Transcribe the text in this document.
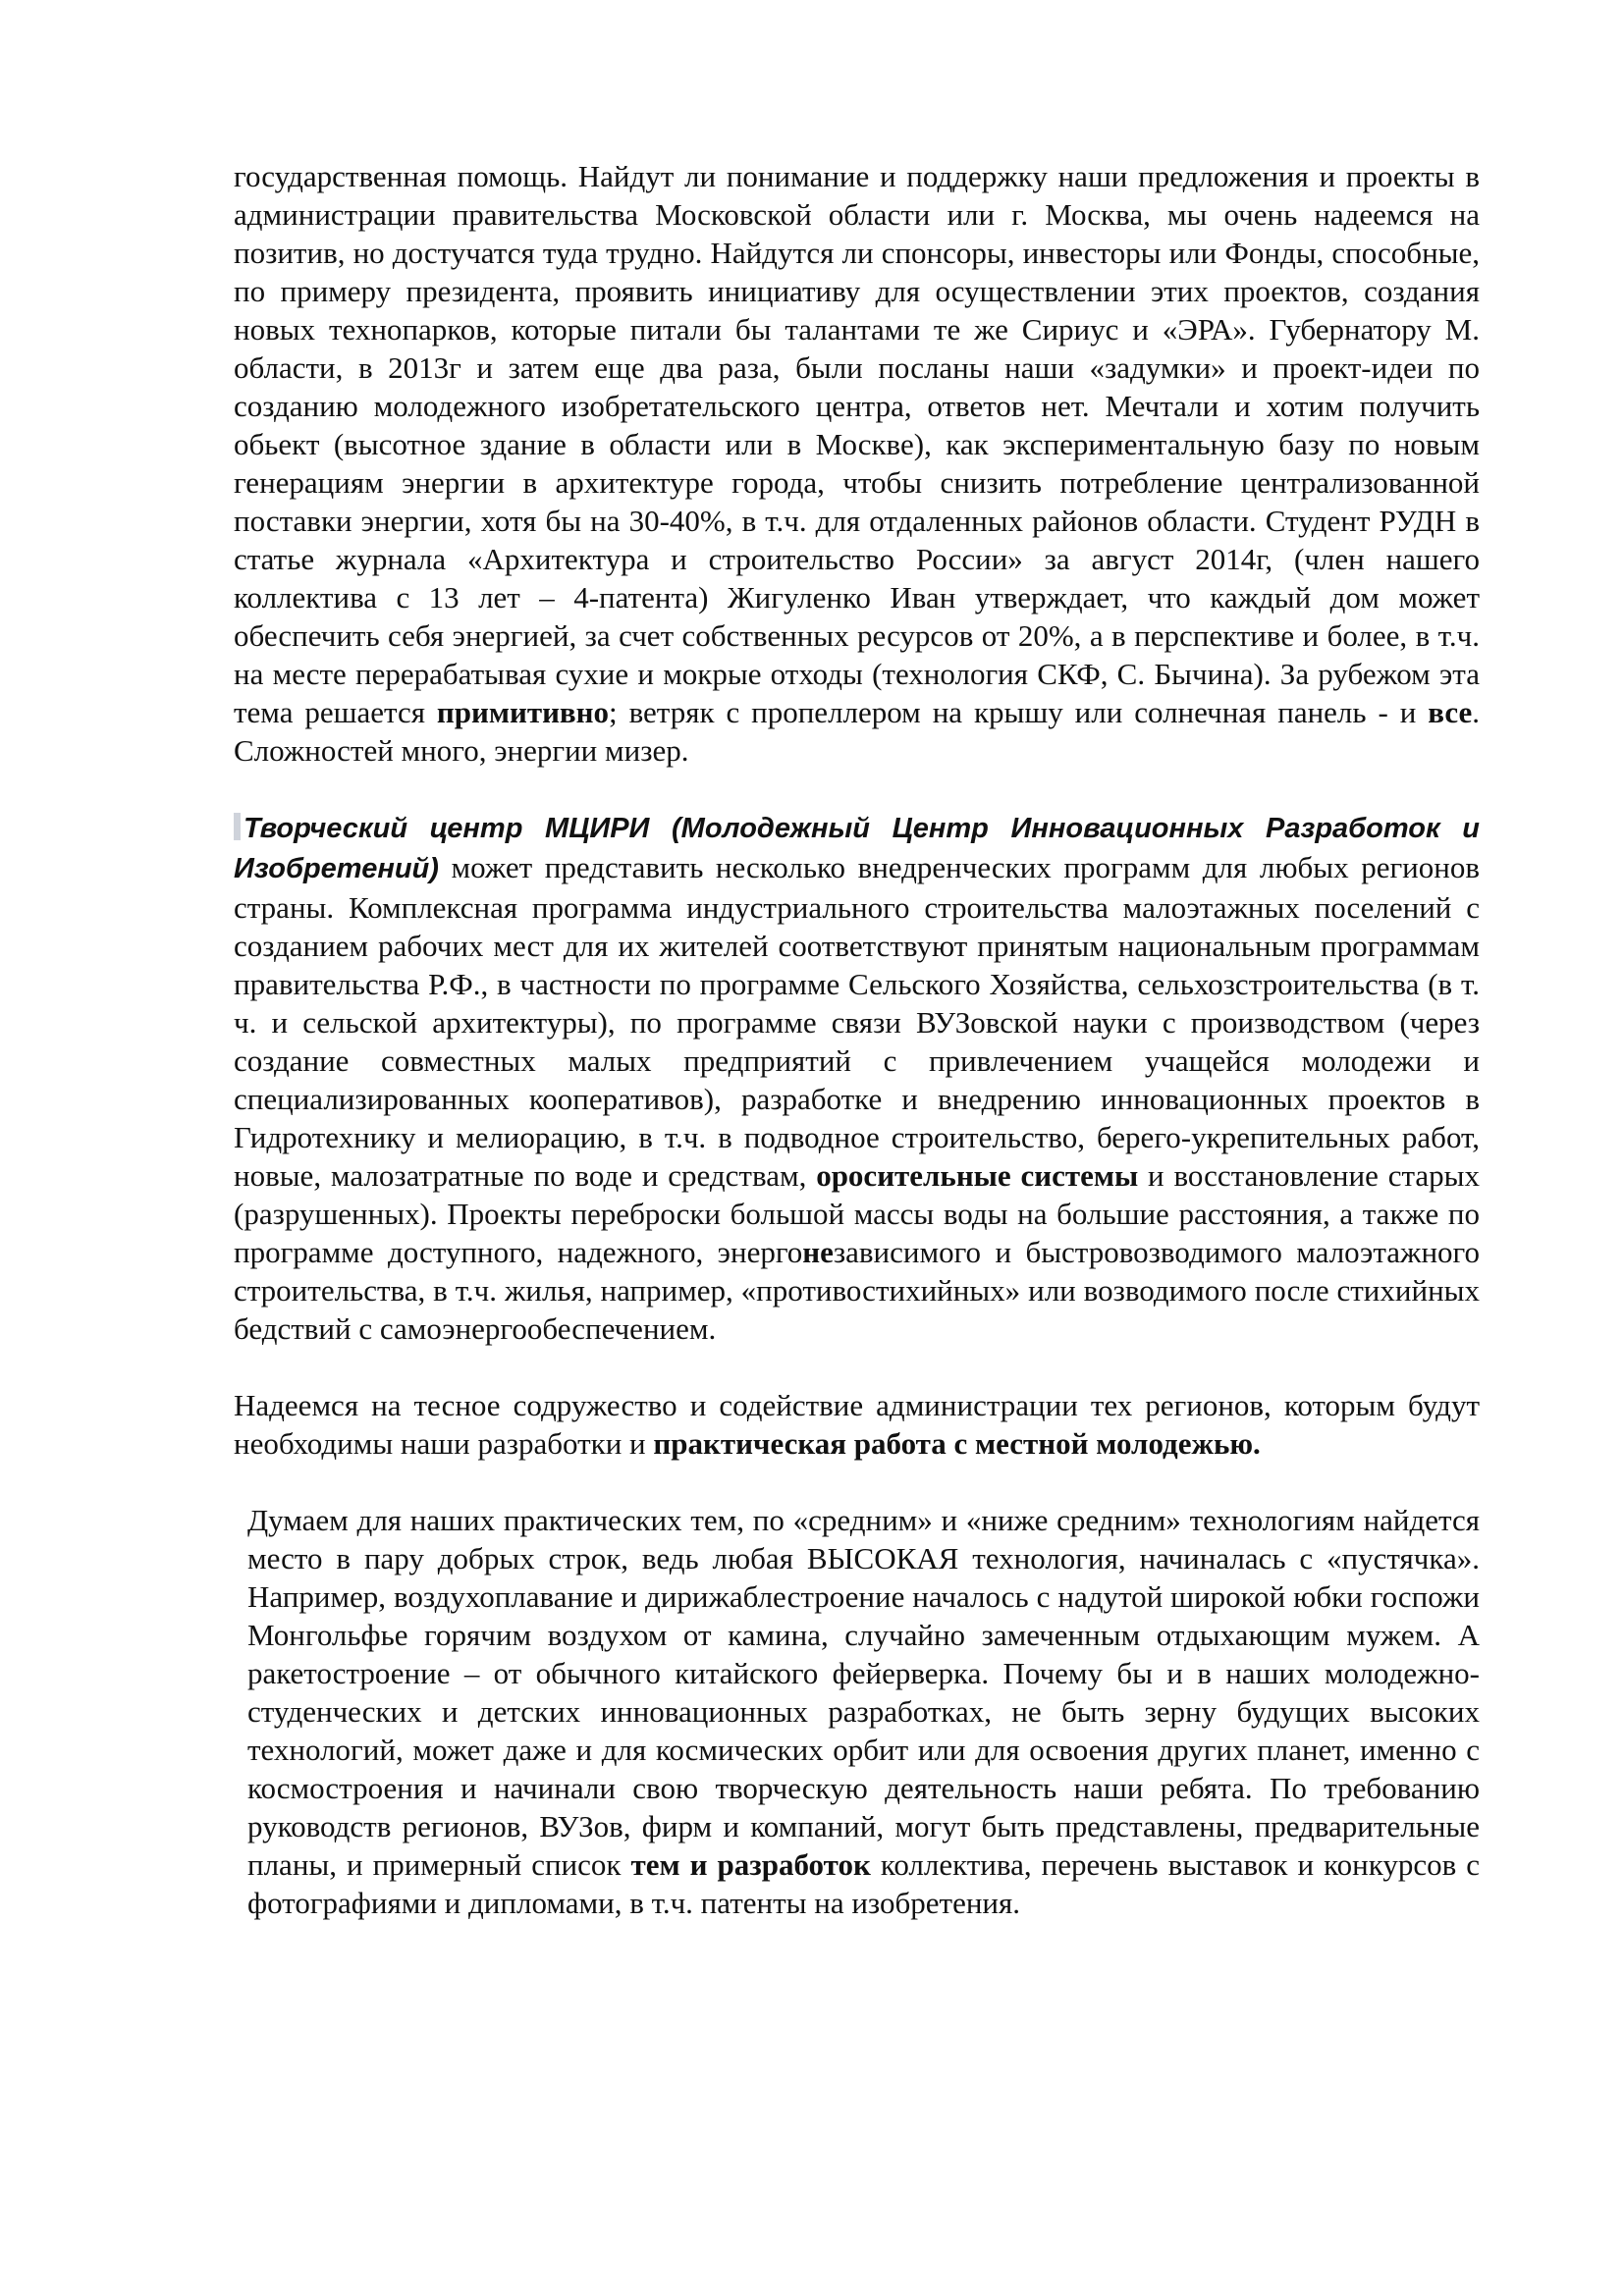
государственная помощь. Найдут ли понимание и поддержку наши предложения и проекты в администрации правительства Московской области или г. Москва, мы очень надеемся на позитив, но достучатся туда трудно. Найдутся ли спонсоры, инвесторы или Фонды, способные, по примеру президента, проявить инициативу для осуществлении этих проектов, создания новых технопарков, которые питали бы талантами те же Сириус и «ЭРА». Губернатору М. области, в 2013г и затем еще два раза, были посланы наши «задумки» и проект-идеи по созданию молодежного изобретательского центра, ответов нет. Мечтали и хотим получить обьект (высотное здание в области или в Москве), как экспериментальную базу по новым генерациям энергии в архитектуре города, чтобы снизить потребление централизованной поставки энергии, хотя бы на 30-40%, в т.ч. для отдаленных районов области. Студент РУДН в статье журнала «Архитектура и строительство России» за август 2014г, (член нашего коллектива с 13 лет – 4-патента) Жигуленко Иван утверждает, что каждый дом может обеспечить себя энергией, за счет собственных ресурсов от 20%, а в перспективе и более, в т.ч. на месте перерабатывая сухие и мокрые отходы (технология СКФ, С. Бычина). За рубежом эта тема решается примитивно; ветряк с пропеллером на крышу или солнечная панель - и все. Сложностей много, энергии мизер.

Творческий центр МЦИРИ (Молодежный Центр Инновационных Разработок и Изобретений) может представить несколько внедренческих программ для любых регионов страны. Комплексная программа индустриального строительства малоэтажных поселений с созданием рабочих мест для их жителей соответствуют принятым национальным программам правительства Р.Ф., в частности по программе Сельского Хозяйства, сельхозстроительства (в т. ч. и сельской архитектуры), по программе связи ВУЗовской науки с производством (через создание совместных малых предприятий с привлечением учащейся молодежи и специализированных кооперативов), разработке и внедрению инновационных проектов в Гидротехнику и мелиорацию, в т.ч. в подводное строительство, берего-укрепительных работ, новые, малозатратные по воде и средствам, оросительные системы и восстановление старых (разрушенных). Проекты переброски большой массы воды на большие расстояния, а также по программе доступного, надежного, энергонезависимого и быстровозводимого малоэтажного строительства, в т.ч. жилья, например, «противостихийных» или возводимого после стихийных бедствий с самоэнергообеспечением.

Надеемся на тесное содружество и содействие администрации тех регионов, которым будут необходимы наши разработки и практическая работа с местной молодежью.

Думаем для наших практических тем, по «средним» и «ниже средним» технологиям найдется место в пару добрых строк, ведь любая ВЫСОКАЯ технология, начиналась с «пустячка». Например, воздухоплавание и дирижаблестроение началось с надутой широкой юбки госпожи Монгольфье горячим воздухом от камина, случайно замеченным отдыхающим мужем. А ракетостроение – от обычного китайского фейерверка. Почему бы и в наших молодежно-студенческих и детских инновационных разработках, не быть зерну будущих высоких технологий, может даже и для космических орбит или для освоения других планет, именно с космостроения и начинали свою творческую деятельность наши ребята. По требованию руководств регионов, ВУЗов, фирм и компаний, могут быть представлены, предварительные планы, и примерный список тем и разработок коллектива, перечень выставок и конкурсов с фотографиями и дипломами, в т.ч. патенты на изобретения.
